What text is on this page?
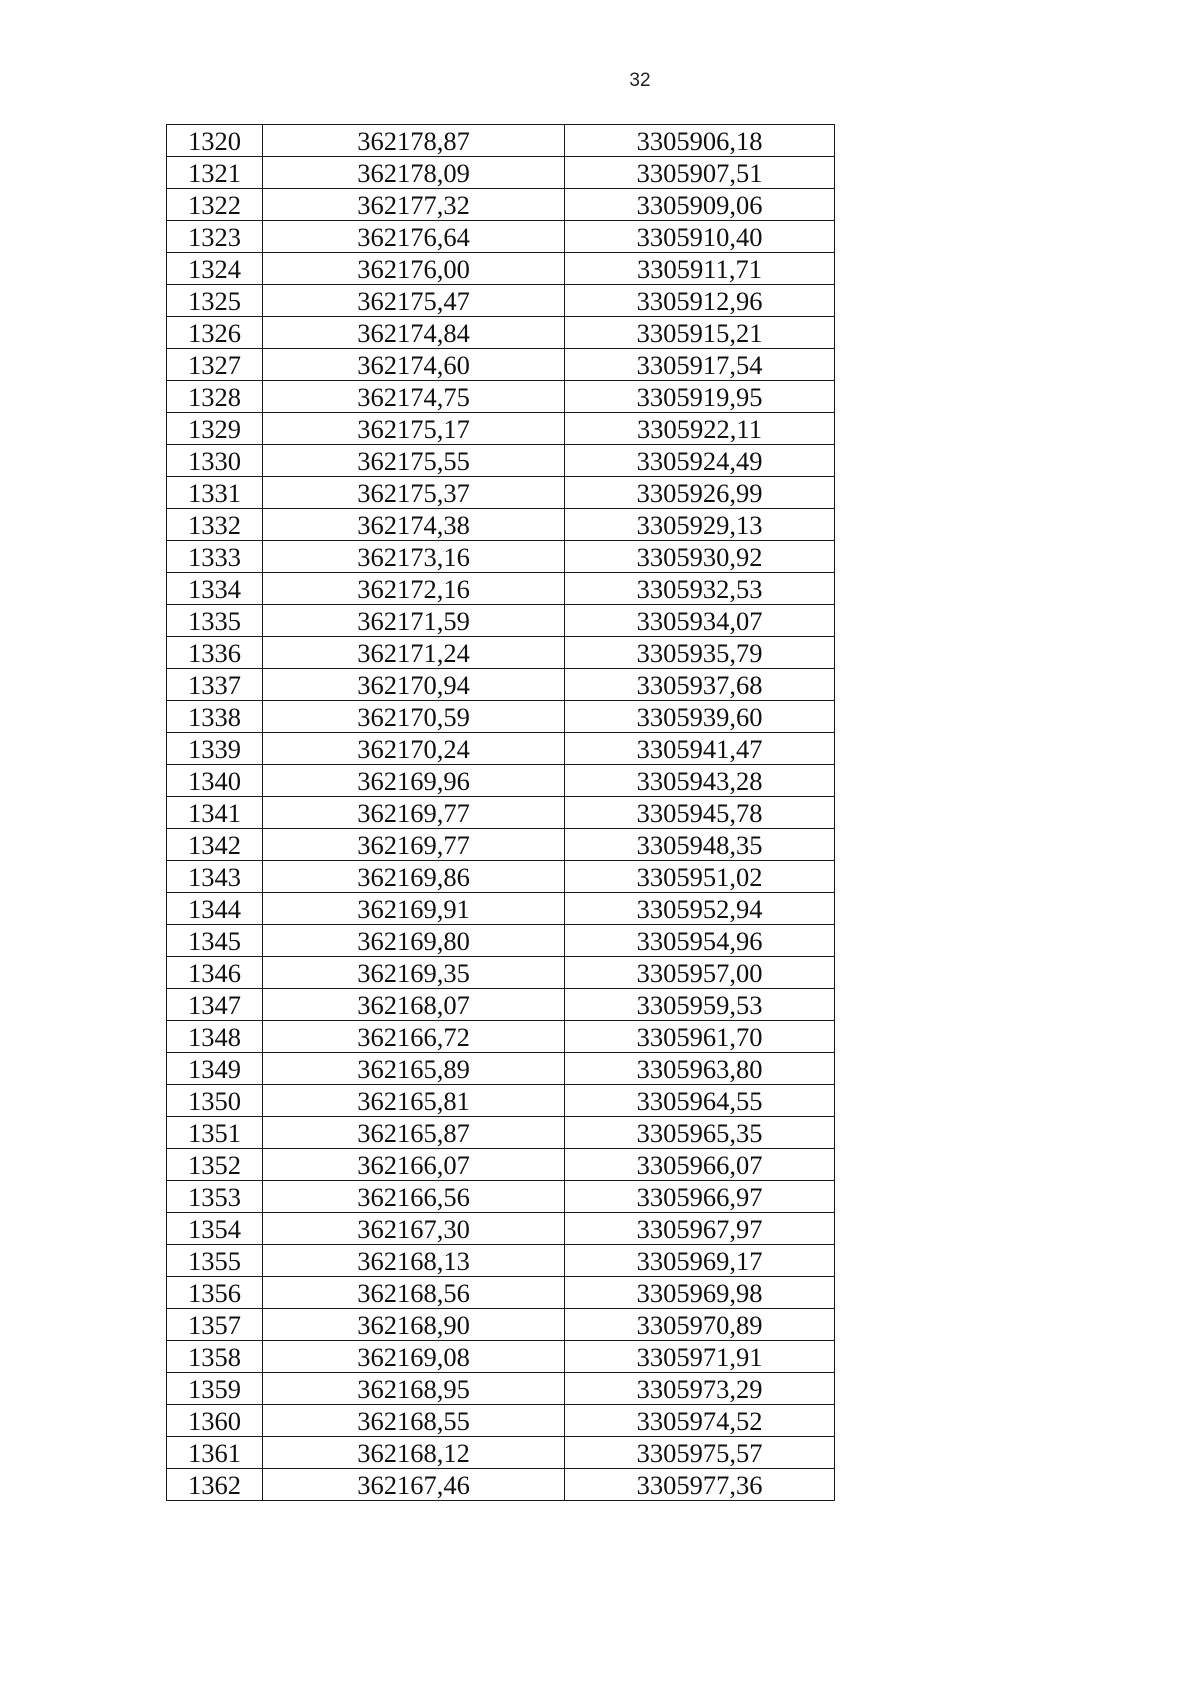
32
1320	362178,87	3305906,18
1321	362178,09	3305907,51
1322	362177,32	3305909,06
1323	362176,64	3305910,40
1324	362176,00	3305911,71
1325	362175,47	3305912,96
1326	362174,84	3305915,21
1327	362174,60	3305917,54
1328	362174,75	3305919,95
1329	362175,17	3305922,11
1330	362175,55	3305924,49
1331	362175,37	3305926,99
1332	362174,38	3305929,13
1333	362173,16	3305930,92
1334	362172,16	3305932,53
1335	362171,59	3305934,07
1336	362171,24	3305935,79
1337	362170,94	3305937,68
1338	362170,59	3305939,60
1339	362170,24	3305941,47
1340	362169,96	3305943,28
1341	362169,77	3305945,78
1342	362169,77	3305948,35
1343	362169,86	3305951,02
1344	362169,91	3305952,94
1345	362169,80	3305954,96
1346	362169,35	3305957,00
1347	362168,07	3305959,53
1348	362166,72	3305961,70
1349	362165,89	3305963,80
1350	362165,81	3305964,55
1351	362165,87	3305965,35
1352	362166,07	3305966,07
1353	362166,56	3305966,97
1354	362167,30	3305967,97
1355	362168,13	3305969,17
1356	362168,56	3305969,98
1357	362168,90	3305970,89
1358	362169,08	3305971,91
1359	362168,95	3305973,29
1360	362168,55	3305974,52
1361	362168,12	3305975,57
1362	362167,46	3305977,36
